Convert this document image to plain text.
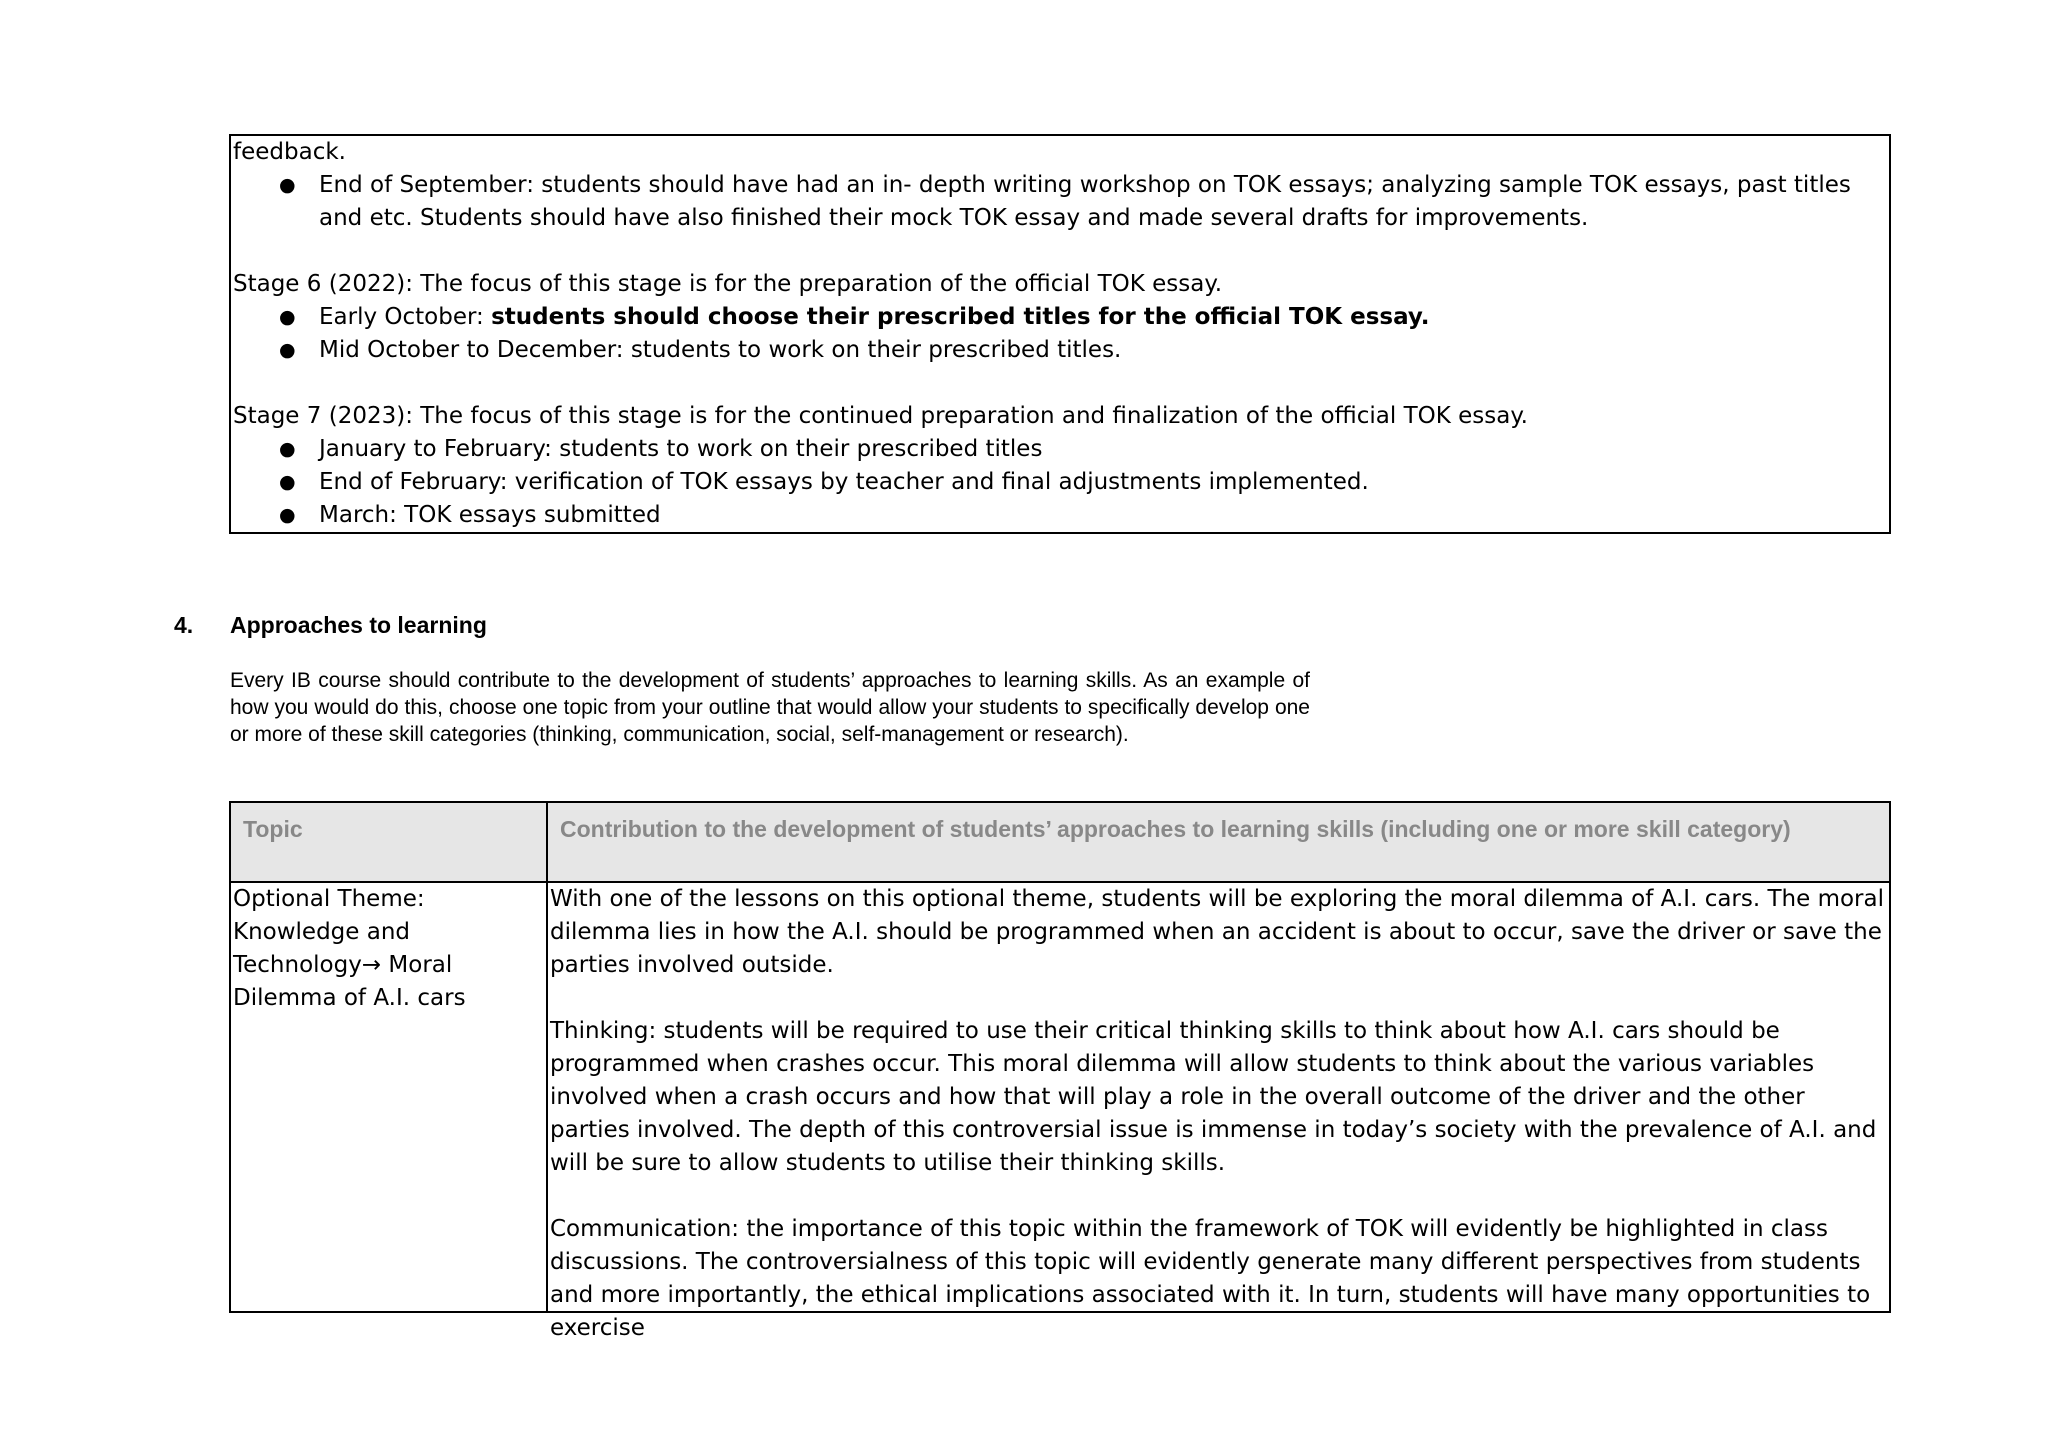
feedback.

● End of September: students should have had an in- depth writing workshop on TOK essays; analyzing sample TOK essays, past titles and etc. Students should have also finished their mock TOK essay and made several drafts for improvements.

Stage 6 (2022): The focus of this stage is for the preparation of the official TOK essay.

● Early October: students should choose their prescribed titles for the official TOK essay.
● Mid October to December: students to work on their prescribed titles.

Stage 7 (2023): The focus of this stage is for the continued preparation and finalization of the official TOK essay.

● January to February: students to work on their prescribed titles
● End of February: verification of TOK essays by teacher and final adjustments implemented.
● March: TOK essays submitted
4. Approaches to learning

Every IB course should contribute to the development of students’ approaches to learning skills. As an example of how you would do this, choose one topic from your outline that would allow your students to specifically develop one or more of these skill categories (thinking, communication, social, self-management or research).

Topic	Contribution to the development of students’ approaches to learning skills (including one or more skill category)

Optional Theme: Knowledge and Technology→ Moral Dilemma of A.I. cars	With one of the lessons on this optional theme, students will be exploring the moral dilemma of A.I. cars. The moral dilemma lies in how the A.I. should be programmed when an accident is about to occur, save the driver or save the parties involved outside.

Thinking: students will be required to use their critical thinking skills to think about how A.I. cars should be programmed when crashes occur. This moral dilemma will allow students to think about the various variables involved when a crash occurs and how that will play a role in the overall outcome of the driver and the other parties involved. The depth of this controversial issue is immense in today’s society with the prevalence of A.I. and will be sure to allow students to utilise their thinking skills.

Communication: the importance of this topic within the framework of TOK will evidently be highlighted in class discussions. The controversialness of this topic will evidently generate many different perspectives from students and more importantly, the ethical implications associated with it. In turn, students will have many opportunities to exercise
